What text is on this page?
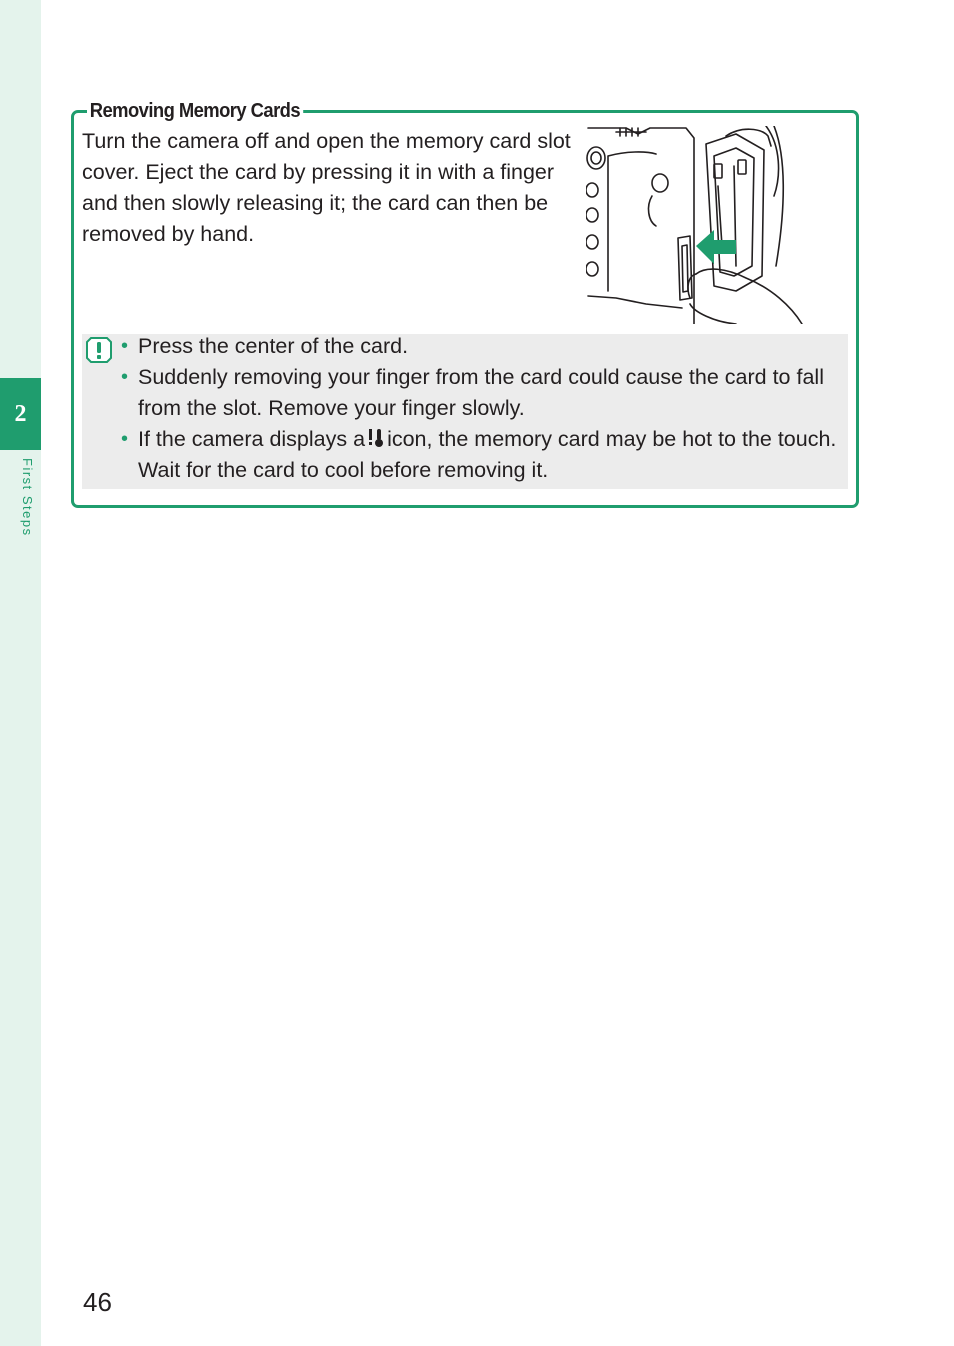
2
First Steps
Removing Memory Cards

Turn the camera off and open the memory card slot cover. Eject the card by pressing it in with a finger and then slowly releasing it; the card can then be removed by hand.

• Press the center of the card.
• Suddenly removing your finger from the card could cause the card to fall from the slot. Remove your finger slowly.
• If the camera displays a icon, the memory card may be hot to the touch. Wait for the card to cool before removing it.
46
